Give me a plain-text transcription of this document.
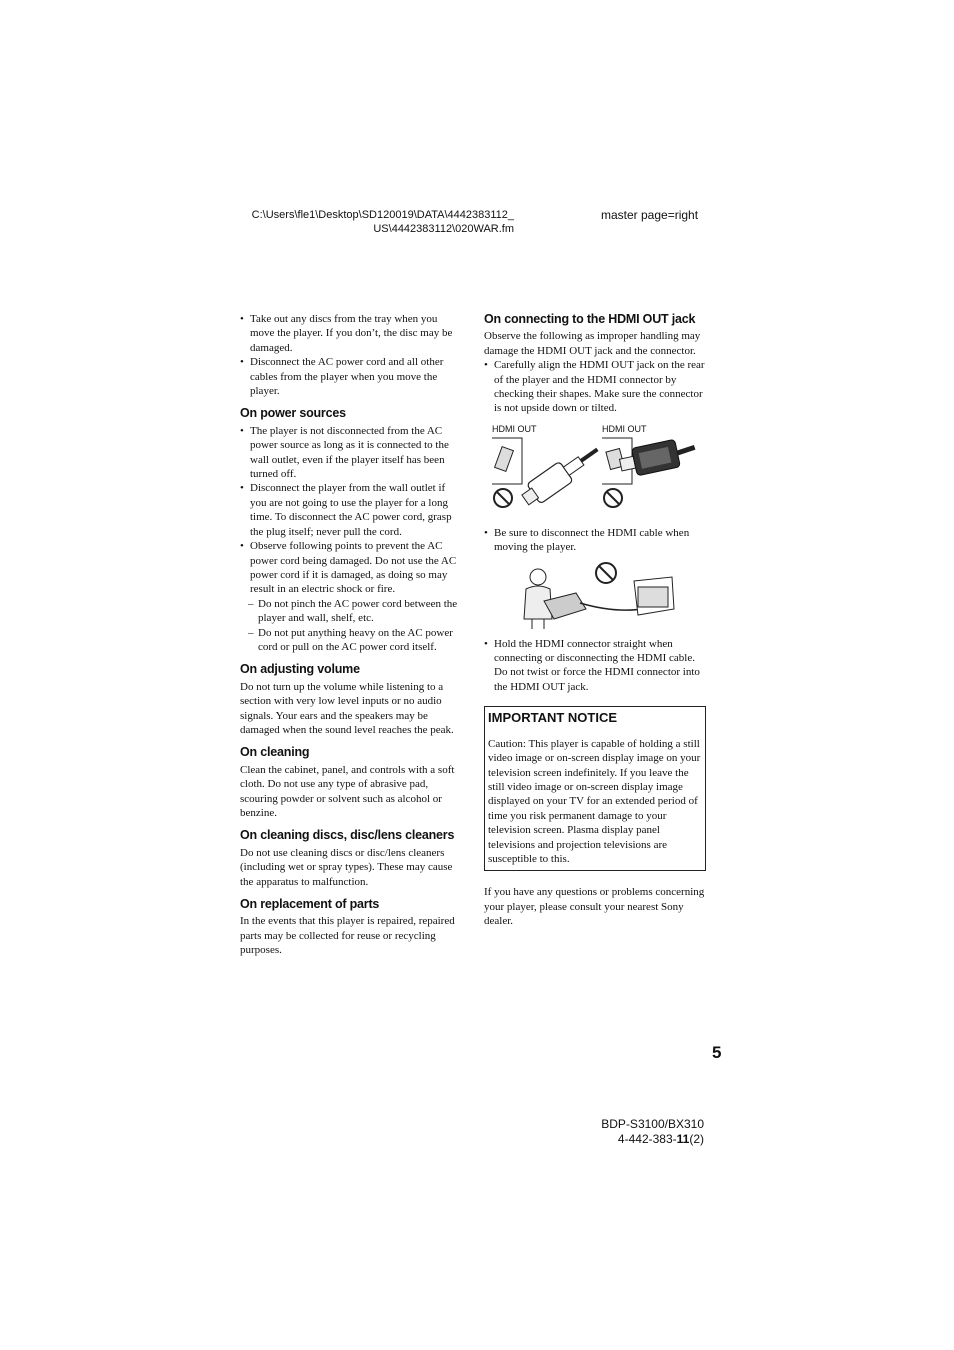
C:\Users\fle1\Desktop\SD120019\DATA\4442383112_
US\4442383112\020WAR.fm
master page=right
• Take out any discs from the tray when you move the player. If you don’t, the disc may be damaged.
• Disconnect the AC power cord and all other cables from the player when you move the player.
On power sources
• The player is not disconnected from the AC power source as long as it is connected to the wall outlet, even if the player itself has been turned off.
• Disconnect the player from the wall outlet if you are not going to use the player for a long time. To disconnect the AC power cord, grasp the plug itself; never pull the cord.
• Observe following points to prevent the AC power cord being damaged. Do not use the AC power cord if it is damaged, as doing so may result in an electric shock or fire.
– Do not pinch the AC power cord between the player and wall, shelf, etc.
– Do not put anything heavy on the AC power cord or pull on the AC power cord itself.
On adjusting volume

Do not turn up the volume while listening to a section with very low level inputs or no audio signals. Your ears and the speakers may be damaged when the sound level reaches the peak.

On cleaning

Clean the cabinet, panel, and controls with a soft cloth. Do not use any type of abrasive pad, scouring powder or solvent such as alcohol or benzine.

On cleaning discs, disc/lens cleaners

Do not use cleaning discs or disc/lens cleaners (including wet or spray types). These may cause the apparatus to malfunction.

On replacement of parts

In the events that this player is repaired, repaired parts may be collected for reuse or recycling purposes.

On connecting to the HDMI OUT jack

Observe the following as improper handling may damage the HDMI OUT jack and the connector.

• Carefully align the HDMI OUT jack on the rear of the player and the HDMI connector by checking their shapes. Make sure the connector is not upside down or tilted.
HDMI OUT	HDMI OUT
• Be sure to disconnect the HDMI cable when moving the player.
• Hold the HDMI connector straight when connecting or disconnecting the HDMI cable. Do not twist or force the HDMI connector into the HDMI OUT jack.
IMPORTANT NOTICE

Caution: This player is capable of holding a still video image or on-screen display image on your television screen indefinitely. If you leave the still video image or on-screen display image displayed on your TV for an extended period of time you risk permanent damage to your television screen. Plasma display panel televisions and projection televisions are susceptible to this.

If you have any questions or problems concerning your player, please consult your nearest Sony dealer.

5
BDP-S3100/BX310
4-442-383-11(2)
